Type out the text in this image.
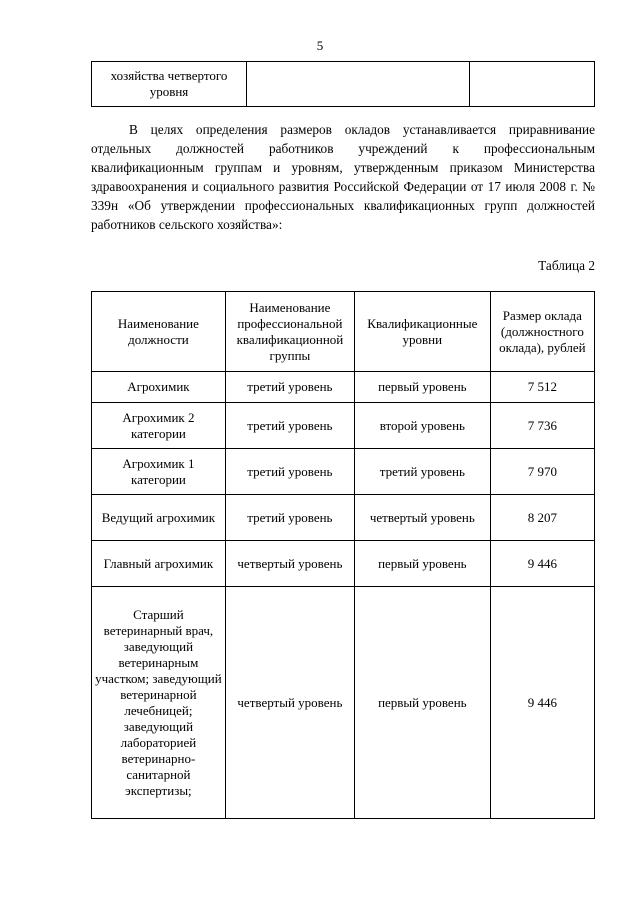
5
хозяйства четвертого уровня		

В целях определения размеров окладов устанавливается приравнивание отдельных должностей работников учреждений к профессиональным квалификационным группам и уровням, утвержденным приказом Министерства здравоохранения и социального развития Российской Федерации от 17 июля 2008 г. № 339н «Об утверждении профессиональных квалификационных групп должностей работников сельского хозяйства»:

Таблица 2
Наименование должности	Наименование профессиональной квалификационной группы	Квалификационные уровни	Размер оклада (должностного оклада), рублей
Агрохимик	третий уровень	первый уровень	7 512
Агрохимик 2 категории	третий уровень	второй уровень	7 736
Агрохимик 1 категории	третий уровень	третий уровень	7 970
Ведущий агрохимик	третий уровень	четвертый уровень	8 207
Главный агрохимик	четвертый уровень	первый уровень	9 446
Старший ветеринарный врач, заведующий ветеринарным участком; заведующий ветеринарной лечебницей; заведующий лабораторией ветеринарно-санитарной экспертизы;	четвертый уровень	первый уровень	9 446
